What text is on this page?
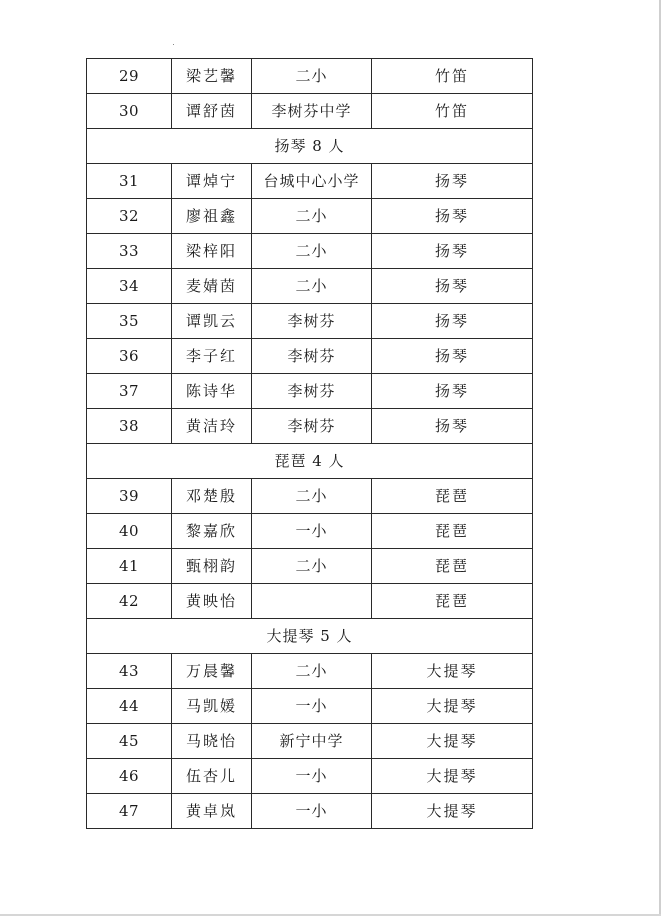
29	梁艺馨	二小	竹笛
30	谭舒茵	李树芬中学	竹笛
扬琴 8 人			
31	谭焯宁	台城中心小学	扬琴
32	廖祖鑫	二小	扬琴
33	梁梓阳	二小	扬琴
34	麦婧茵	二小	扬琴
35	谭凯云	李树芬	扬琴
36	李子红	李树芬	扬琴
37	陈诗华	李树芬	扬琴
38	黄洁玲	李树芬	扬琴
琵琶 4 人			
39	邓楚殷	二小	琵琶
40	黎嘉欣	一小	琵琶
41	甄栩韵	二小	琵琶
42	黄映怡		琵琶
大提琴 5 人			
43	万晨馨	二小	大提琴
44	马凯媛	一小	大提琴
45	马晓怡	新宁中学	大提琴
46	伍杏儿	一小	大提琴
47	黄卓岚	一小	大提琴
